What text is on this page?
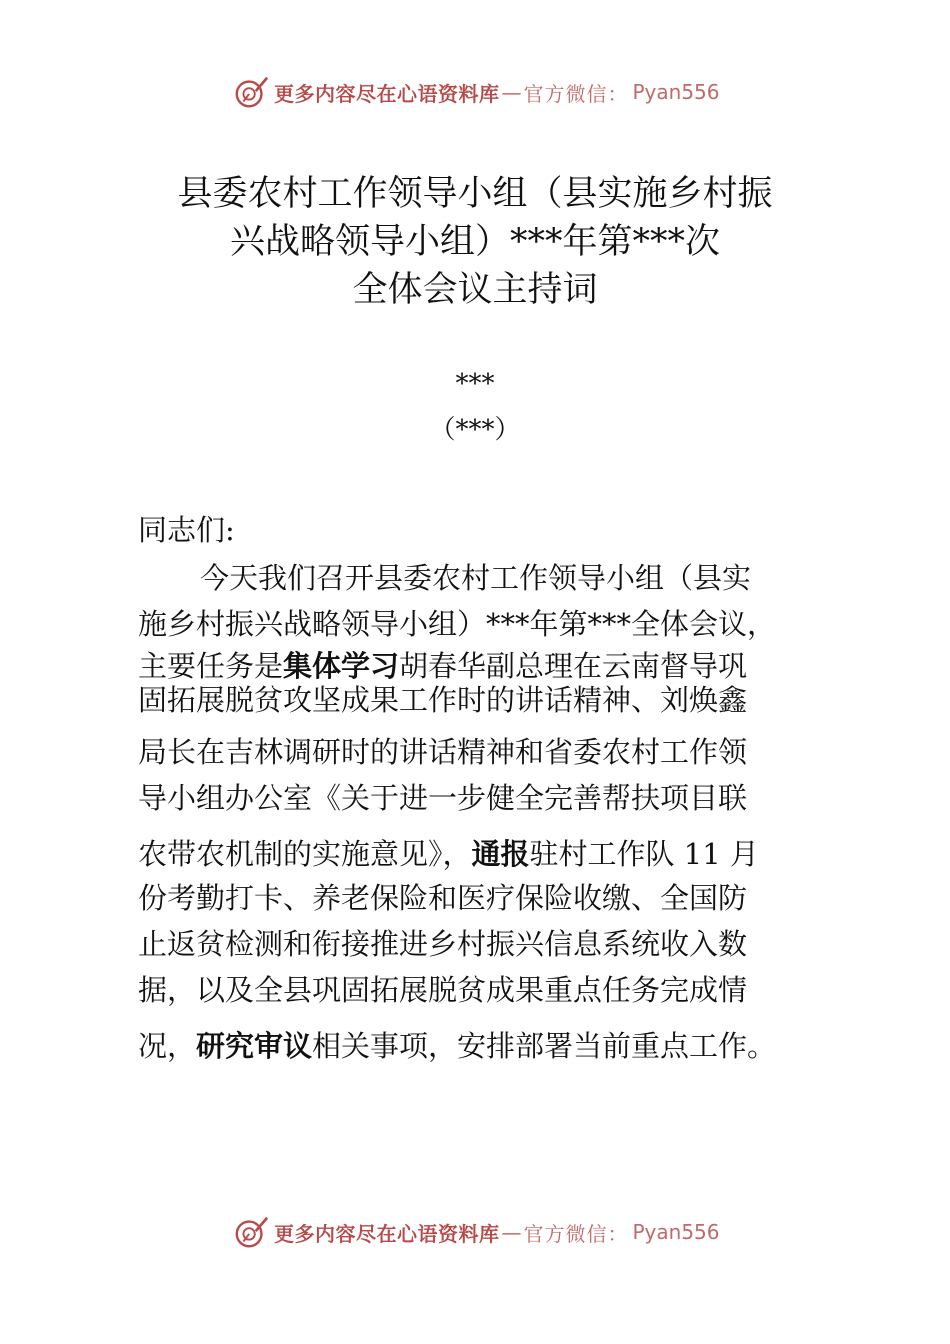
更多内容尽在心语资料库 — 官方微信： Pyan556
县委农村工作领导小组（县实施乡村振
兴战略领导小组）***年第***次
全体会议主持词
***
（***）
同志们:
今天我们召开县委农村工作领导小组（县实
施乡村振兴战略领导小组）***年第***全体会议，
主要任务是集体学习胡春华副总理在云南督导巩
固拓展脱贫攻坚成果工作时的讲话精神、刘焕鑫
局长在吉林调研时的讲话精神和省委农村工作领
导小组办公室《关于进一步健全完善帮扶项目联
农带农机制的实施意见》，通报驻村工作队 11 月
份考勤打卡、养老保险和医疗保险收缴、全国防
止返贫检测和衔接推进乡村振兴信息系统收入数
据，以及全县巩固拓展脱贫成果重点任务完成情
况，研究审议相关事项，安排部署当前重点工作。
更多内容尽在心语资料库 — 官方微信： Pyan556
